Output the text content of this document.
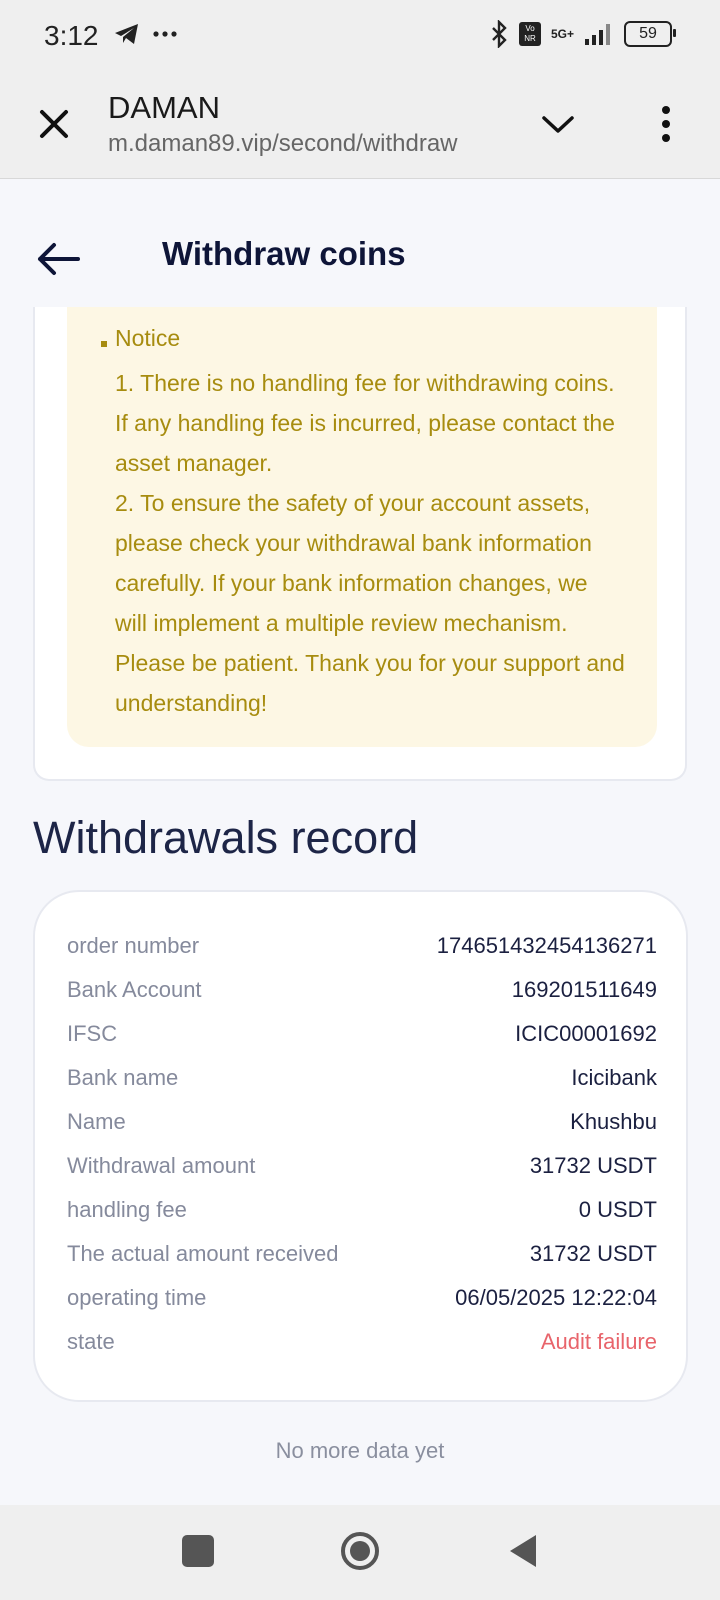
3:12	Vo NR	5G+	59
DAMAN
m.daman89.vip/second/withdraw
Withdraw coins
Notice

1. There is no handling fee for withdrawing coins. If any handling fee is incurred, please contact the asset manager.

2. To ensure the safety of your account assets, please check your withdrawal bank information carefully. If your bank information changes, we will implement a multiple review mechanism. Please be patient. Thank you for your support and understanding!

Withdrawals record
order number	174651432454136271
Bank Account	169201511649
IFSC	ICIC00001692
Bank name	Icicibank
Name	Khushbu
Withdrawal amount	31732 USDT
handling fee	0 USDT
The actual amount received	31732 USDT
operating time	06/05/2025 12:22:04
state	Audit failure
No more data yet
